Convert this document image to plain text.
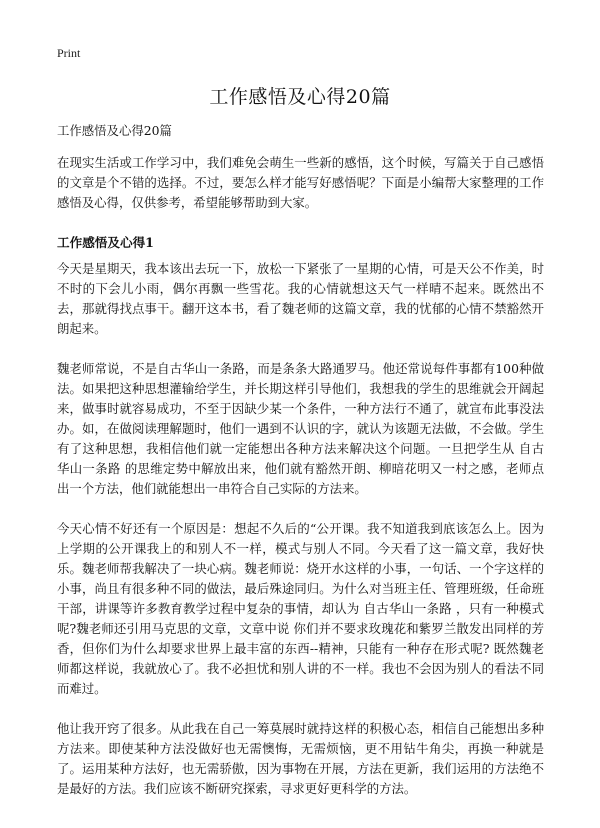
Print
工作感悟及心得20篇

工作感悟及心得20篇

在现实生活或工作学习中，我们难免会萌生一些新的感悟，这个时候，写篇关于自己感悟的文章是个不错的选择。不过，要怎么样才能写好感悟呢？下面是小编帮大家整理的工作感悟及心得，仅供参考，希望能够帮助到大家。

工作感悟及心得1

今天是星期天，我本该出去玩一下，放松一下紧张了一星期的心情，可是天公不作美，时不时的下会儿小雨，偶尔再飘一些雪花。我的心情就想这天气一样晴不起来。既然出不去，那就得找点事干。翻开这本书，看了魏老师的这篇文章，我的忧郁的心情不禁豁然开朗起来。

魏老师常说，不是自古华山一条路，而是条条大路通罗马。他还常说每件事都有100种做法。如果把这种思想灌输给学生，并长期这样引导他们，我想我的学生的思维就会开阔起来，做事时就容易成功，不至于因缺少某一个条件，一种方法行不通了，就宣布此事没法办。如，在做阅读理解题时，他们一遇到不认识的字，就认为该题无法做，不会做。学生有了这种思想，我相信他们就一定能想出各种方法来解决这个问题。一旦把学生从 自古华山一条路 的思维定势中解放出来，他们就有豁然开朗、柳暗花明又一村之感，老师点出一个方法，他们就能想出一串符合自己实际的方法来。

今天心情不好还有一个原因是：想起不久后的“公开课。我不知道我到底该怎么上。因为上学期的公开课我上的和别人不一样，模式与别人不同。今天看了这一篇文章，我好快乐。魏老师帮我解决了一块心病。魏老师说：烧开水这样的小事，一句话、一个字这样的小事，尚且有很多种不同的做法，最后殊途同归。为什么对当班主任、管理班级，任命班干部，讲课等许多教育教学过程中复杂的事情，却认为 自古华山一条路 ，只有一种模式呢?魏老师还引用马克思的文章，文章中说 你们并不要求玫瑰花和紫罗兰散发出同样的芳香，但你们为什么却要求世界上最丰富的东西--精神，只能有一种存在形式呢? 既然魏老师都这样说，我就放心了。我不必担忧和别人讲的不一样。我也不会因为别人的看法不同而难过。

他让我开窍了很多。从此我在自己一筹莫展时就持这样的积极心态，相信自己能想出多种方法来。即使某种方法没做好也无需懊悔，无需烦恼，更不用钻牛角尖，再换一种就是了。运用某种方法好，也无需骄傲，因为事物在开展，方法在更新，我们运用的方法绝不是最好的方法。我们应该不断研究探索，寻求更好更科学的方法。
